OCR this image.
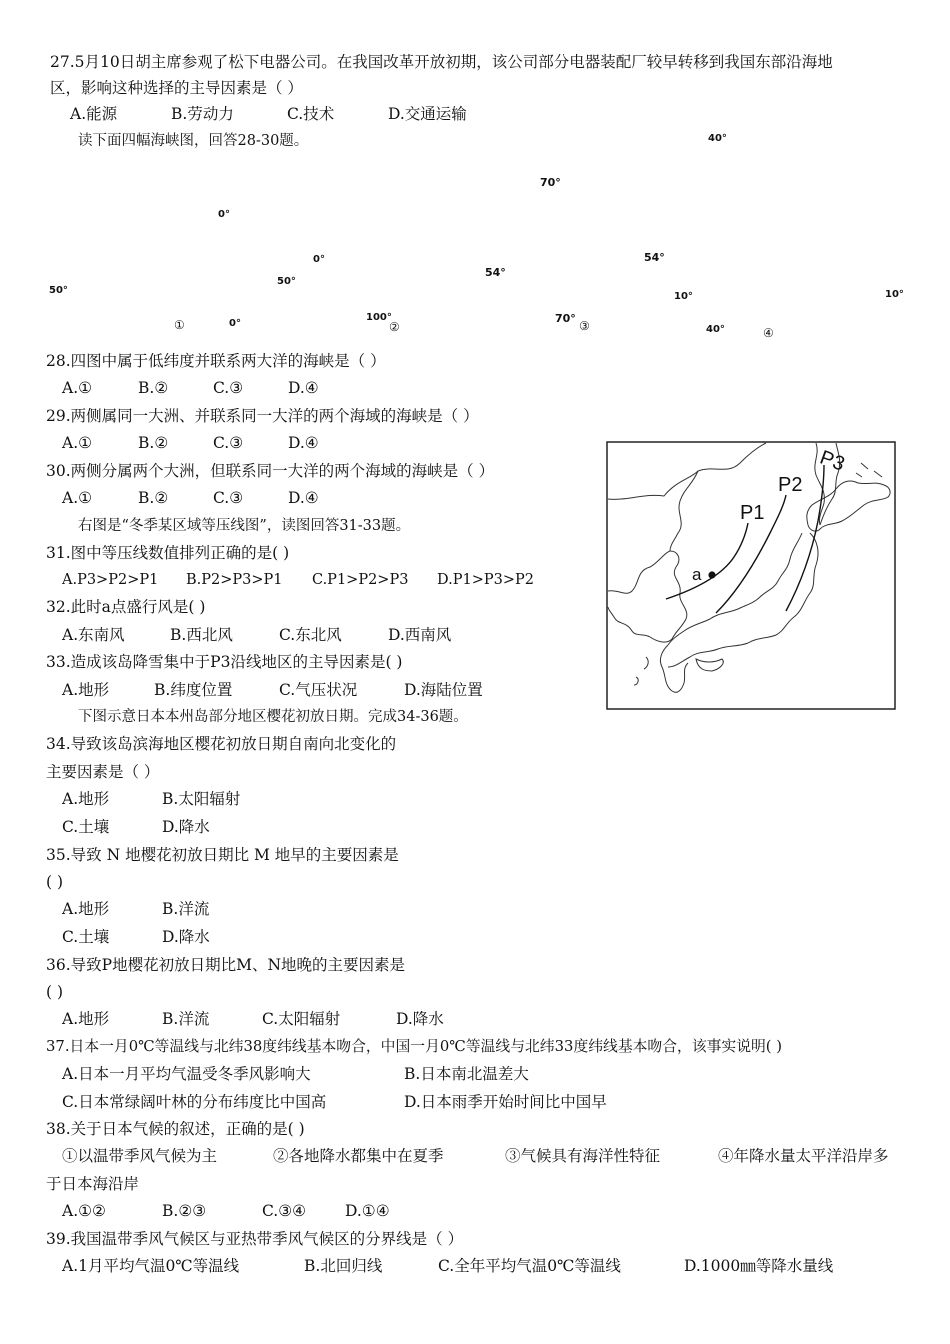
27.5月10日胡主席参观了松下电器公司。在我国改革开放初期，该公司部分电器装配厂较早转移到我国东部沿海地
区，影响这种选择的主导因素是（ ）
A.能源	B.劳动力	C.技术	D.交通运输
读下面四幅海峡图，回答28-30题。	40°
70°
0°
0°	54°
54°
50°
50°
10°	10°
100°
0°	70°
40°
①	②	③	④
28.四图中属于低纬度并联系两大洋的海峡是（ ）
A.①	B.②	C.③	D.④
29.两侧属同一大洲、并联系同一大洋的两个海域的海峡是（ ）
A.①	B.②	C.③	D.④
30.两侧分属两个大洲，但联系同一大洋的两个海域的海峡是（ ）
A.①	B.②	C.③	D.④
右图是“冬季某区域等压线图”，读图回答31-33题。
31.图中等压线数值排列正确的是( )
A.P3>P2>P1 B.P2>P3>P1 C.P1>P2>P3 D.P1>P3>P2
32.此时a点盛行风是( )
A.东南风	B.西北风	C.东北风	D.西南风
33.造成该岛降雪集中于P3沿线地区的主导因素是( )
A.地形	B.纬度位置	C.气压状况	D.海陆位置
a
P1
P2
P3
下图示意日本本州岛部分地区樱花初放日期。完成34-36题。
34.导致该岛滨海地区樱花初放日期自南向北变化的
主要因素是（ ）
A.地形	B.太阳辐射
C.土壤	D.降水
35.导致 N 地樱花初放日期比 M 地早的主要因素是
( )
A.地形	B.洋流
C.土壤	D.降水
36.导致P地樱花初放日期比M、N地晚的主要因素是
( )
A.地形	B.洋流	C.太阳辐射	D.降水
37.日本一月0℃等温线与北纬38度纬线基本吻合，中国一月0℃等温线与北纬33度纬线基本吻合，该事实说明( )
A.日本一月平均气温受冬季风影响大	B.日本南北温差大
C.日本常绿阔叶林的分布纬度比中国高	D.日本雨季开始时间比中国早
38.关于日本气候的叙述，正确的是( )
①以温带季风气候为主	②各地降水都集中在夏季	③气候具有海洋性特征	④年降水量太平洋沿岸多
于日本海沿岸
A.①②	B.②③	C.③④	D.①④
39.我国温带季风气候区与亚热带季风气候区的分界线是（ ）
A.1月平均气温0℃等温线	B.北回归线	C.全年平均气温0℃等温线	D.1000㎜等降水量线
